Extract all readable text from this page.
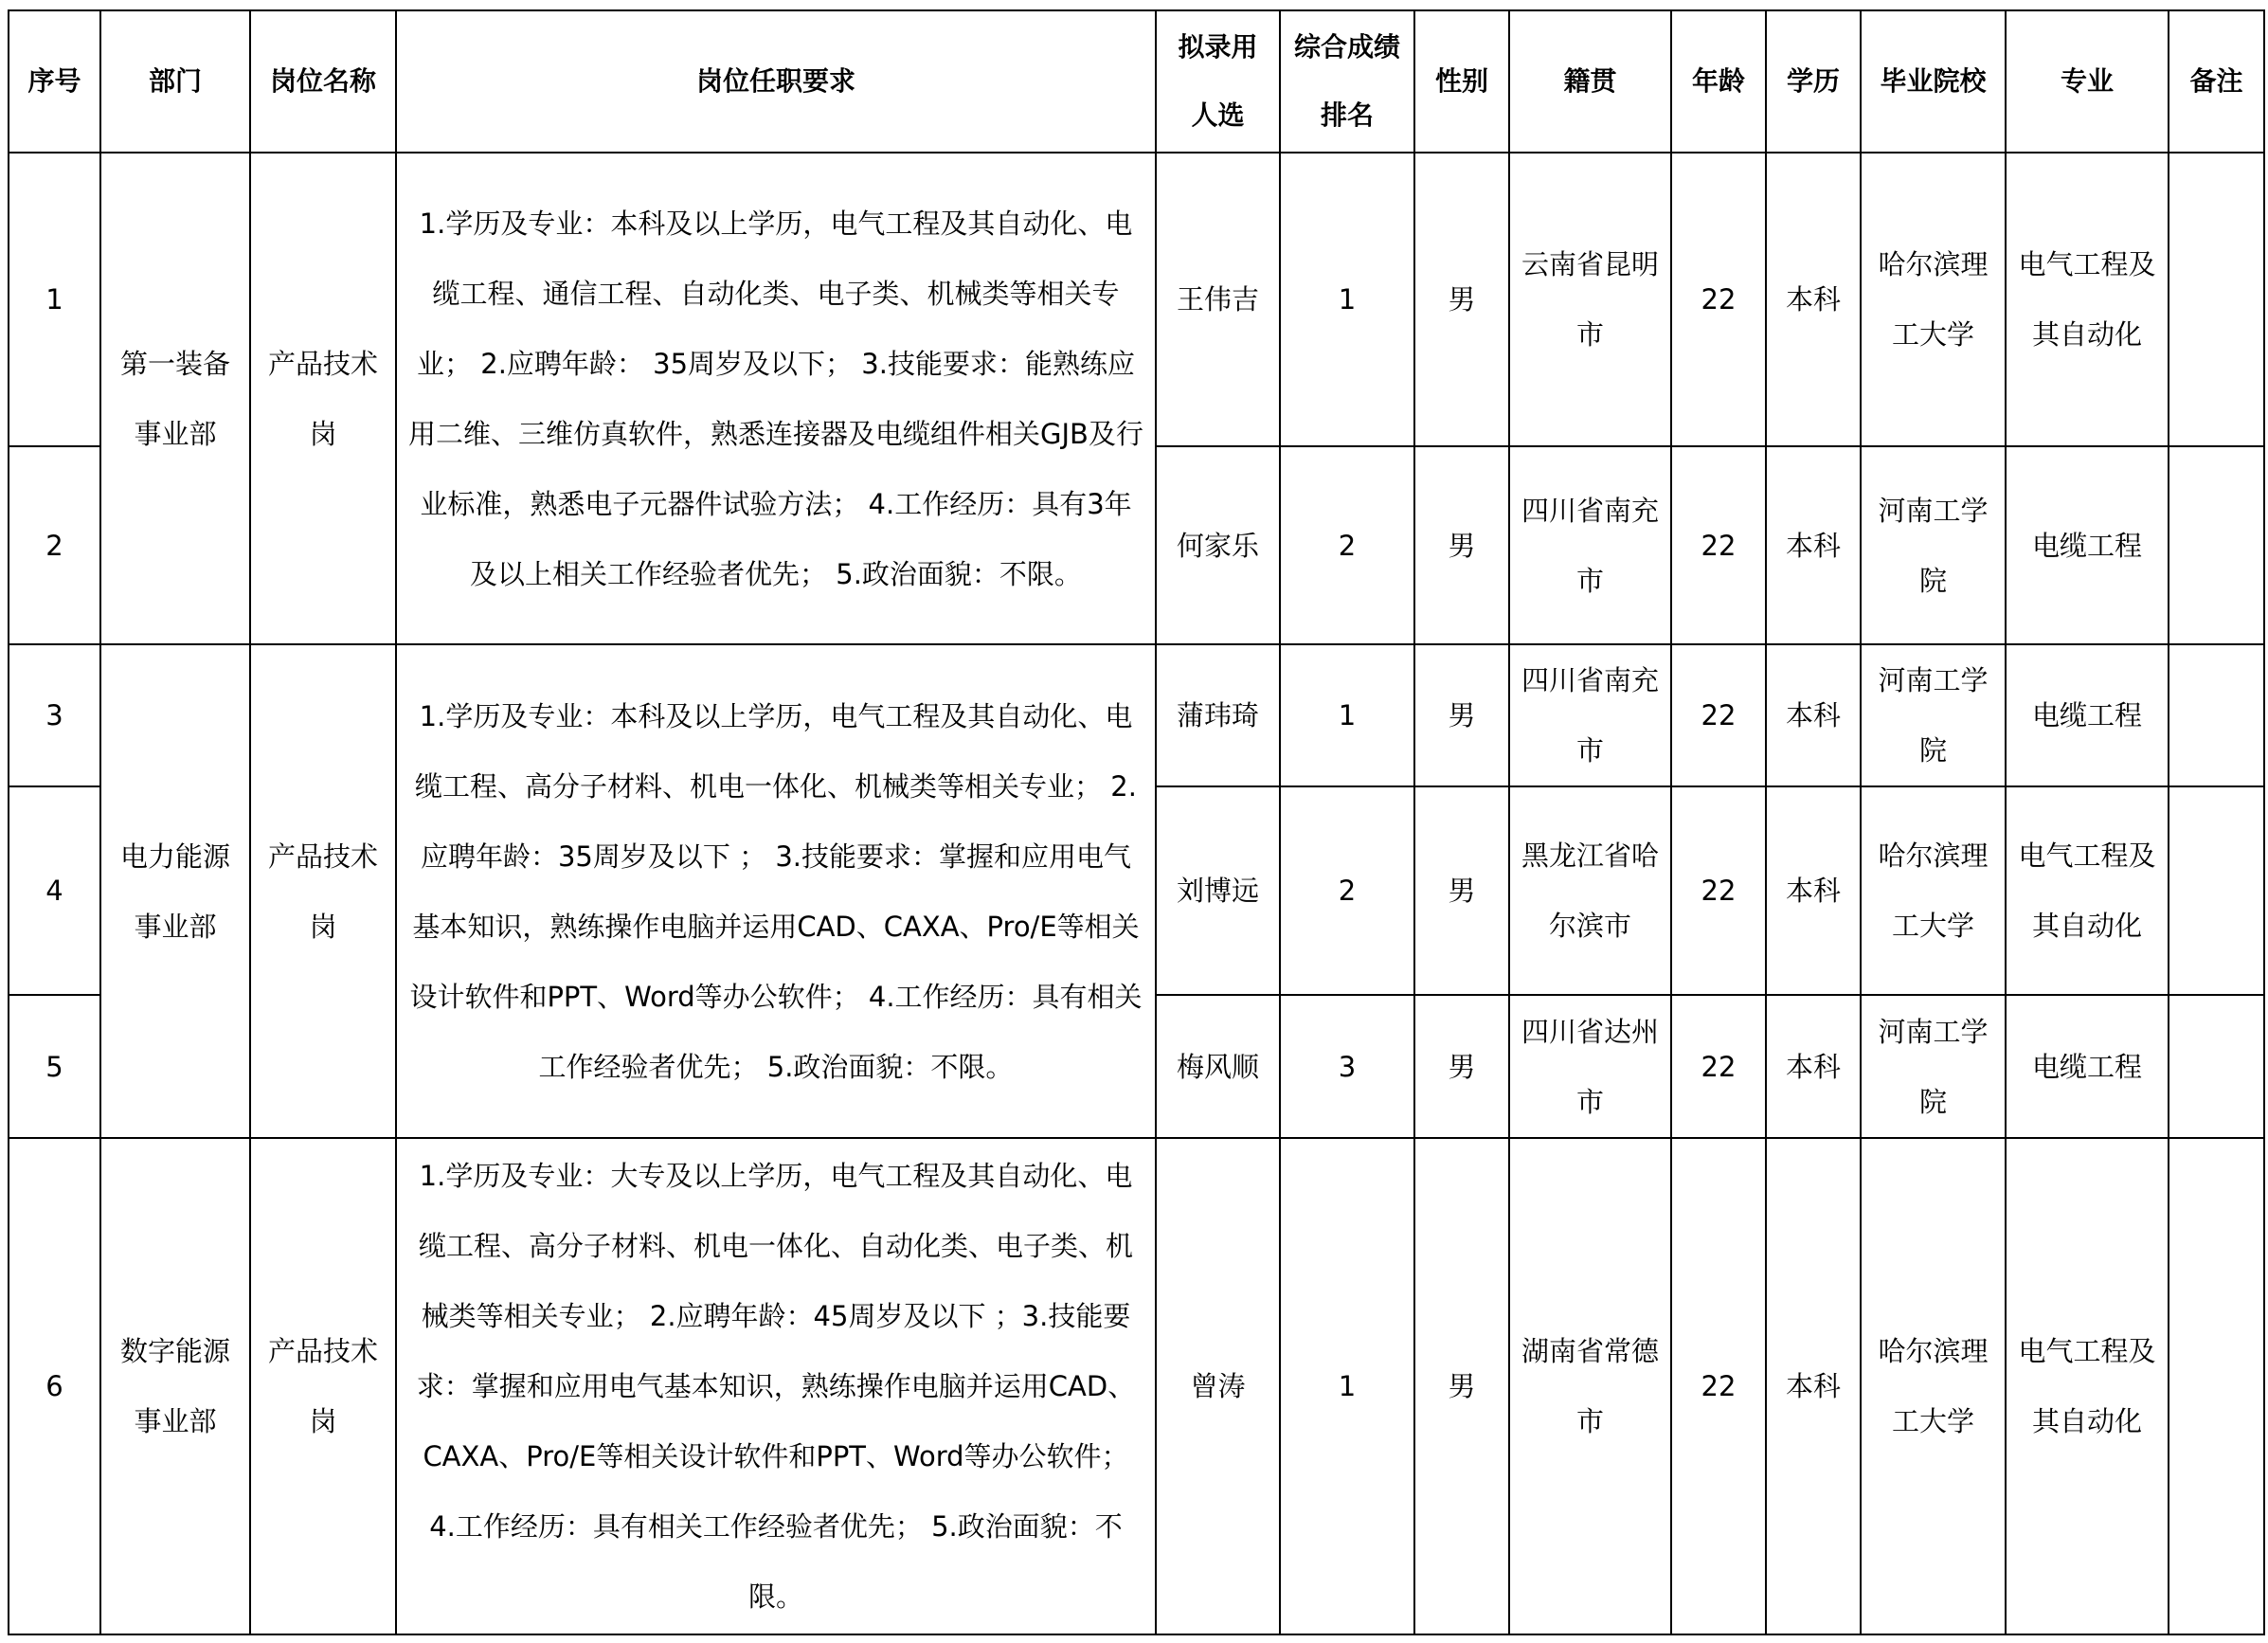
序号	部门	岗位名称	岗位任职要求	拟录用人选	综合成绩排名	性别	籍贯	年龄	学历	毕业院校	专业	备注
1	第一装备事业部	产品技术岗	1.学历及专业：本科及以上学历，电气工程及其自动化、电缆工程、通信工程、自动化类、电子类、机械类等相关专业； 2.应聘年龄： 35周岁及以下； 3.技能要求：能熟练应用二维、三维仿真软件，熟悉连接器及电缆组件相关GJB及行业标准，熟悉电子元器件试验方法； 4.工作经历：具有3年及以上相关工作经验者优先； 5.政治面貌：不限。	王伟吉	1	男	云南省昆明市	22	本科	哈尔滨理工大学	电气工程及其自动化	
2				何家乐	2	男	四川省南充市	22	本科	河南工学院	电缆工程	
3	电力能源事业部	产品技术岗	1.学历及专业：本科及以上学历，电气工程及其自动化、电缆工程、高分子材料、机电一体化、机械类等相关专业； 2.应聘年龄：35周岁及以下 ； 3.技能要求：掌握和应用电气基本知识，熟练操作电脑并运用CAD、CAXA、Pro/E等相关设计软件和PPT、Word等办公软件； 4.工作经历：具有相关工作经验者优先； 5.政治面貌：不限。	蒲玮琦	1	男	四川省南充市	22	本科	河南工学院	电缆工程	
4				刘博远	2	男	黑龙江省哈尔滨市	22	本科	哈尔滨理工大学	电气工程及其自动化	
5				梅风顺	3	男	四川省达州市	22	本科	河南工学院	电缆工程	
6	数字能源事业部	产品技术岗	1.学历及专业：大专及以上学历，电气工程及其自动化、电缆工程、高分子材料、机电一体化、自动化类、电子类、机械类等相关专业； 2.应聘年龄：45周岁及以下 ；3.技能要求：掌握和应用电气基本知识，熟练操作电脑并运用CAD、CAXA、Pro/E等相关设计软件和PPT、Word等办公软件； 4.工作经历：具有相关工作经验者优先； 5.政治面貌：不限。	曾涛	1	男	湖南省常德市	22	本科	哈尔滨理工大学	电气工程及其自动化	
